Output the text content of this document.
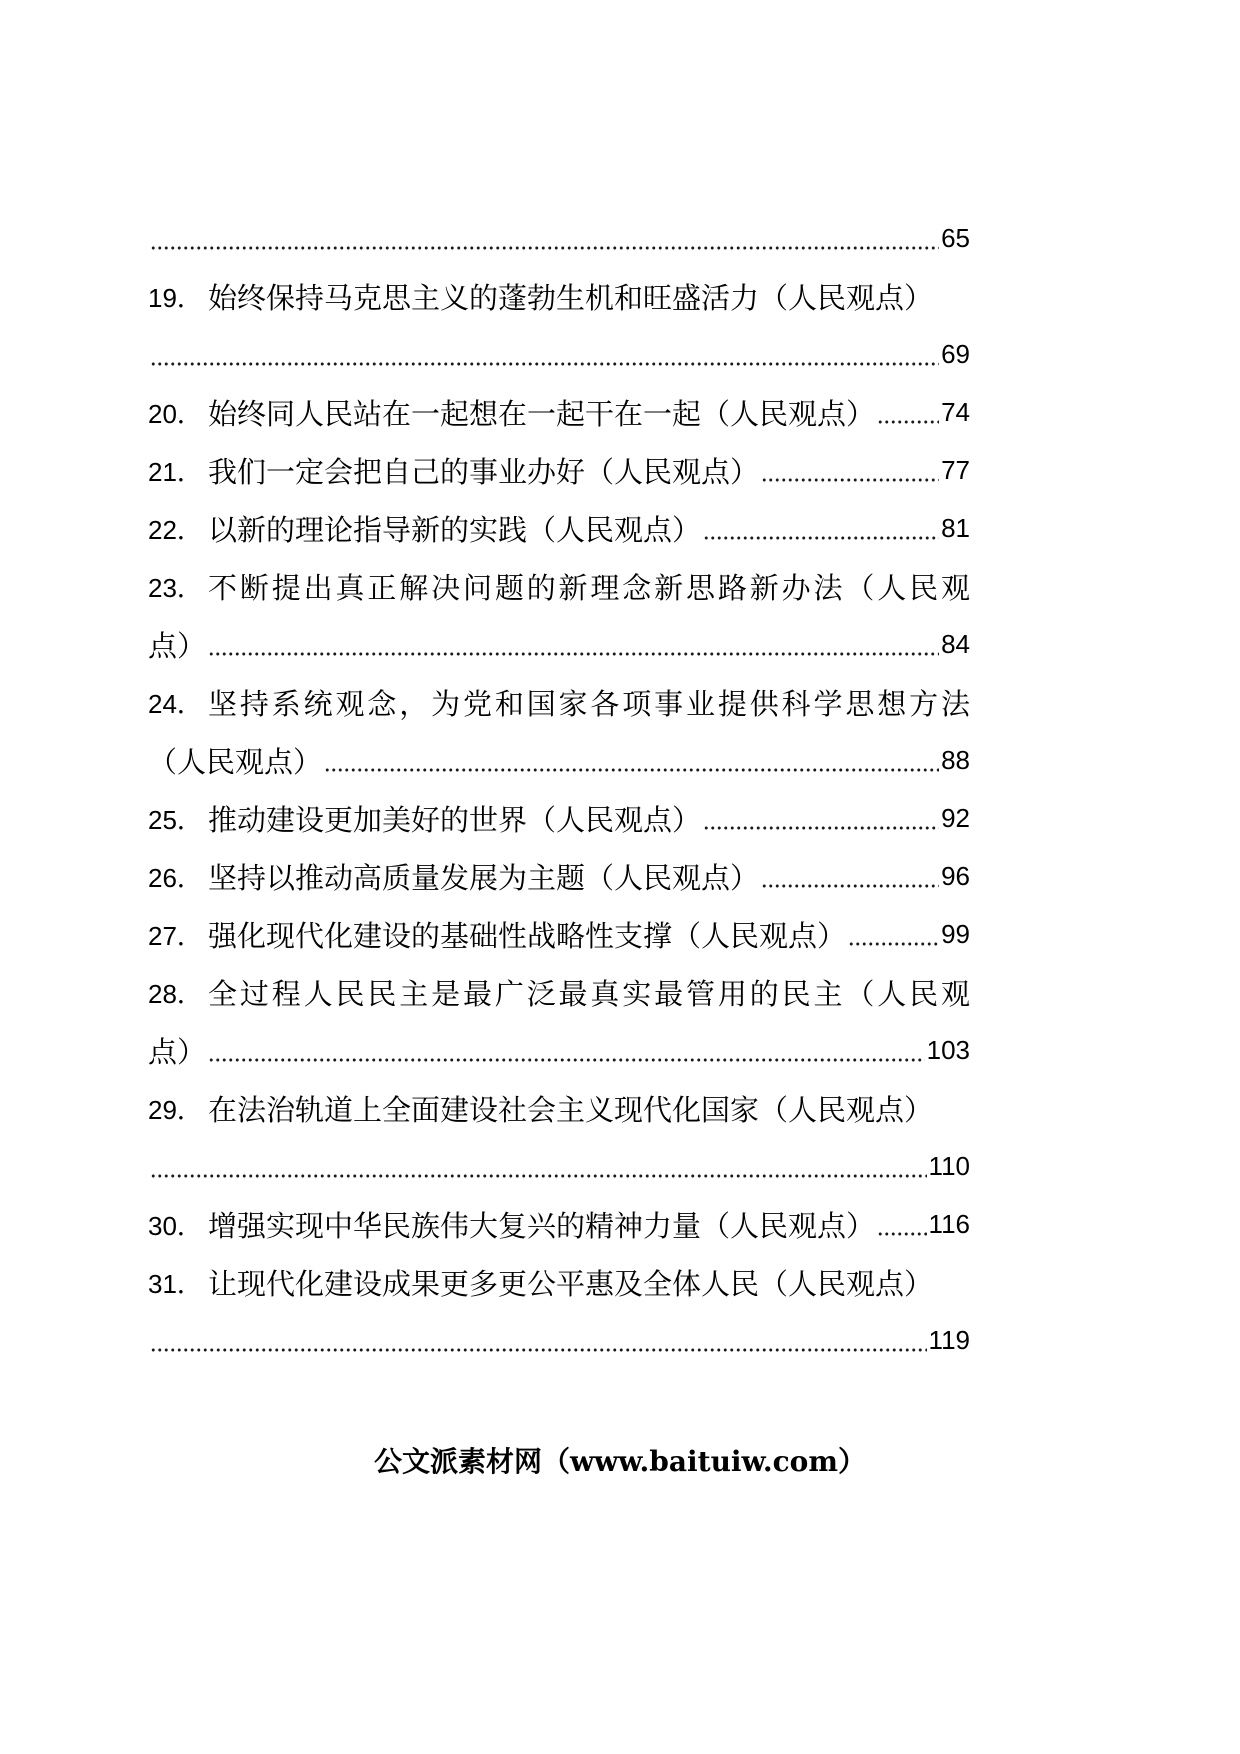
65
19． 始终保持马克思主义的蓬勃生机和旺盛活力（人民观点）
69
20． 始终同人民站在一起想在一起干在一起（人民观点）	74
21． 我们一定会把自己的事业办好（人民观点）	77
22． 以新的理论指导新的实践（人民观点）	81
23． 不断提出真正解决问题的新理念新思路新办法（人民观
点）	84
24． 坚持系统观念，为党和国家各项事业提供科学思想方法
（人民观点）	88
25． 推动建设更加美好的世界（人民观点）	92
26． 坚持以推动高质量发展为主题（人民观点）	96
27． 强化现代化建设的基础性战略性支撑（人民观点）	99
28． 全过程人民民主是最广泛最真实最管用的民主（人民观
点）	103
29． 在法治轨道上全面建设社会主义现代化国家（人民观点）
110
30． 增强实现中华民族伟大复兴的精神力量（人民观点） 116
31． 让现代化建设成果更多更公平惠及全体人民（人民观点）
119
公文派素材网（www.baituiw.com）
